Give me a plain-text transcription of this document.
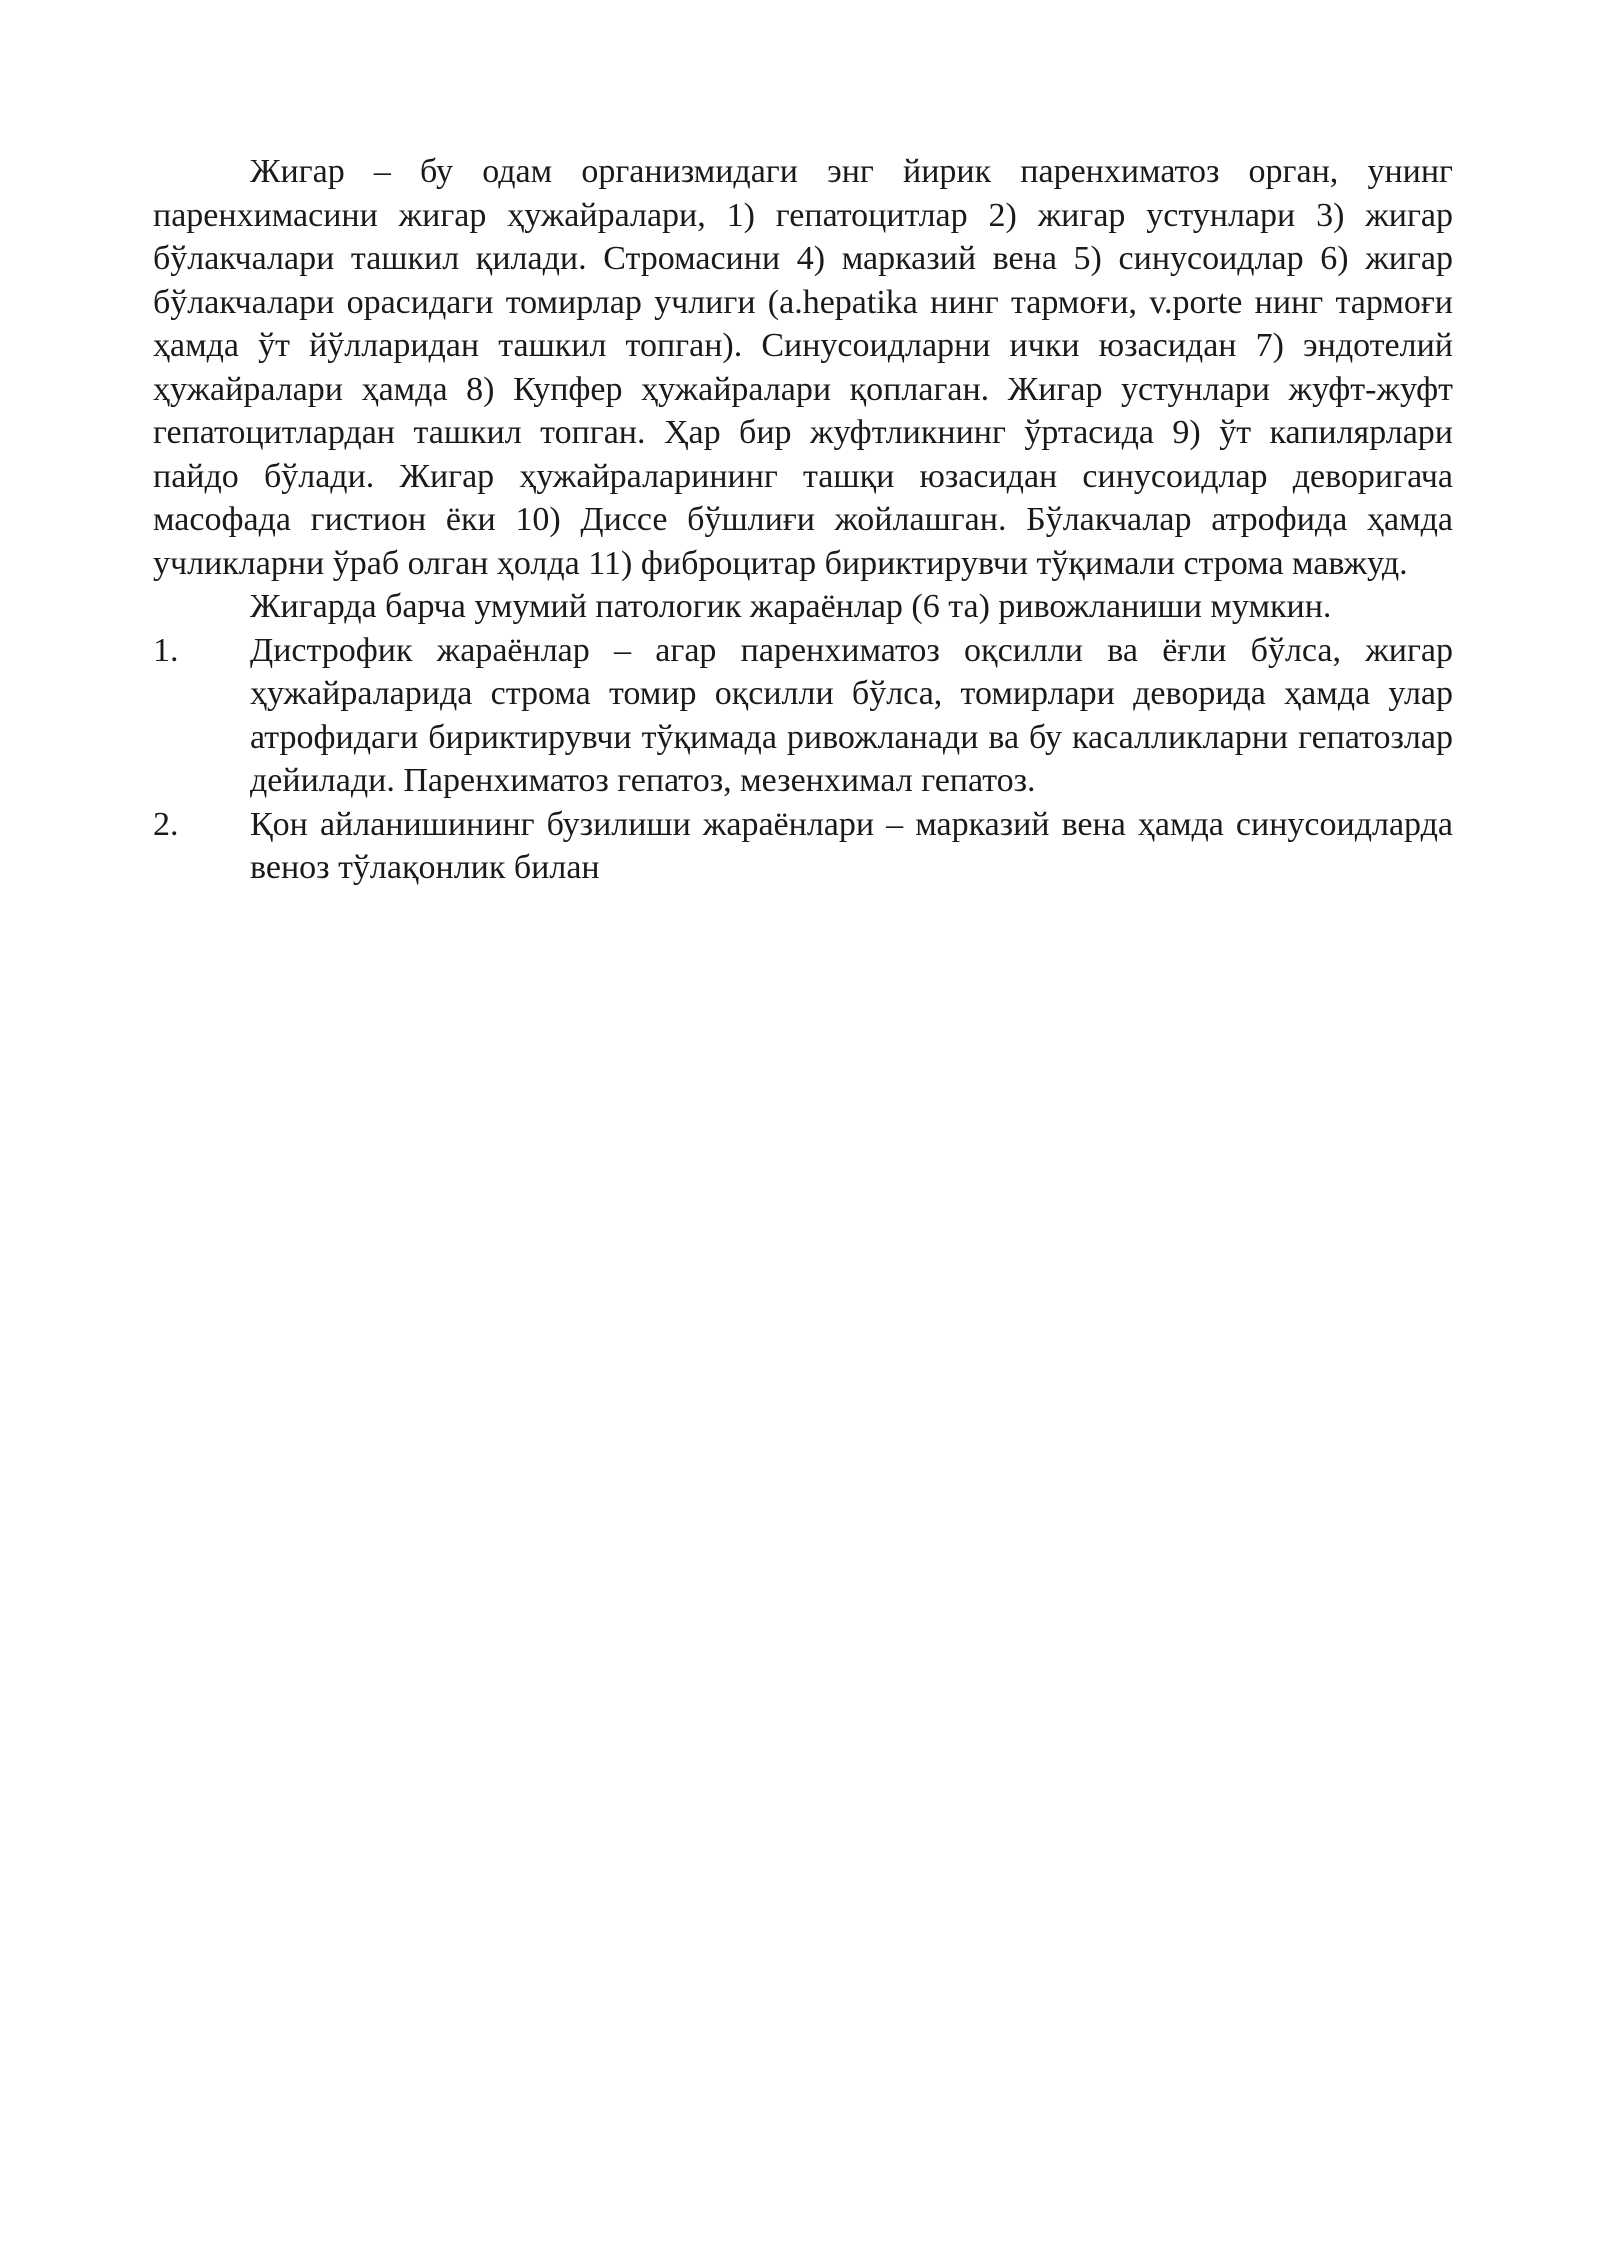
Жигар – бу одам организмидаги энг йирик паренхиматоз орган, унинг паренхимасини жигар ҳужайралари, 1) гепатоцитлар 2) жигар устунлари 3) жигар бўлакчалари ташкил қилади. Стромасини 4) марказий вена 5) синусоидлар 6) жигар бўлакчалари орасидаги томирлар учлиги (a.hepatika нинг тармоғи, v.porte нинг тармоғи ҳамда ўт йўлларидан ташкил топган). Синусоидларни ички юзасидан 7) эндотелий ҳужайралари ҳамда 8) Купфер ҳужайралари қоплаган. Жигар устунлари жуфт-жуфт гепатоцитлардан ташкил топган. Ҳар бир жуфтликнинг ўртасида 9) ўт капилярлари пайдо бўлади. Жигар ҳужайраларининг ташқи юзасидан синусоидлар деворигача масофада гистион ёки 10) Диссе бўшлиғи жойлашган. Бўлакчалар атрофида ҳамда учликларни ўраб олган ҳолда 11) фиброцитар бириктирувчи тўқимали строма мавжуд.

Жигарда барча умумий патологик жараёнлар (6 та) ривожланиши мумкин.

1. Дистрофик жараёнлар – агар паренхиматоз оқсилли ва ёғли бўлса, жигар ҳужайраларида строма томир оқсилли бўлса, томирлари деворида ҳамда улар атрофидаги бириктирувчи тўқимада ривожланади ва бу касалликларни гепатозлар дейилади. Паренхиматоз гепатоз, мезенхимал гепатоз.
2. Қон айланишининг бузилиши жараёнлари – марказий вена ҳамда синусоидларда веноз тўлақонлик билан
